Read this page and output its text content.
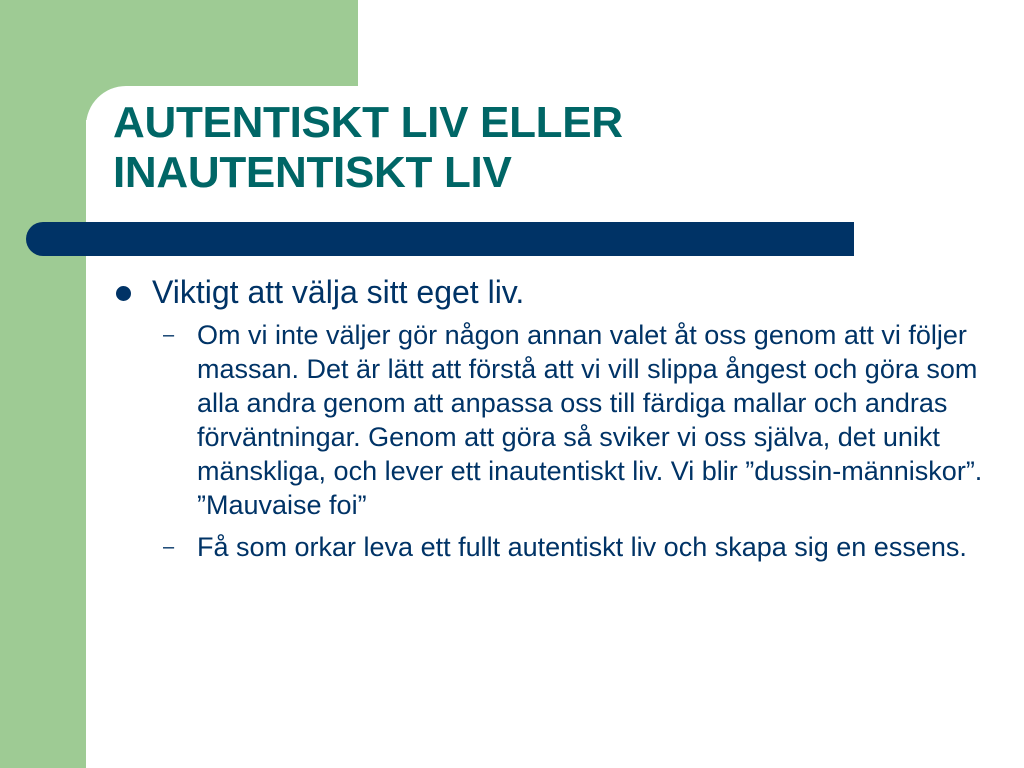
AUTENTISKT LIV ELLER
INAUTENTISKT LIV
Viktigt att välja sitt eget liv.
– Om vi inte väljer gör någon annan valet åt oss genom att vi följer massan. Det är lätt att förstå att vi vill slippa ångest och göra som alla andra genom att anpassa oss till färdiga mallar och andras förväntningar. Genom att göra så sviker vi oss själva, det unikt mänskliga, och lever ett inautentiskt liv. Vi blir ”dussin-människor”. ”Mauvaise foi”
– Få som orkar leva ett fullt autentiskt liv och skapa sig en essens.
